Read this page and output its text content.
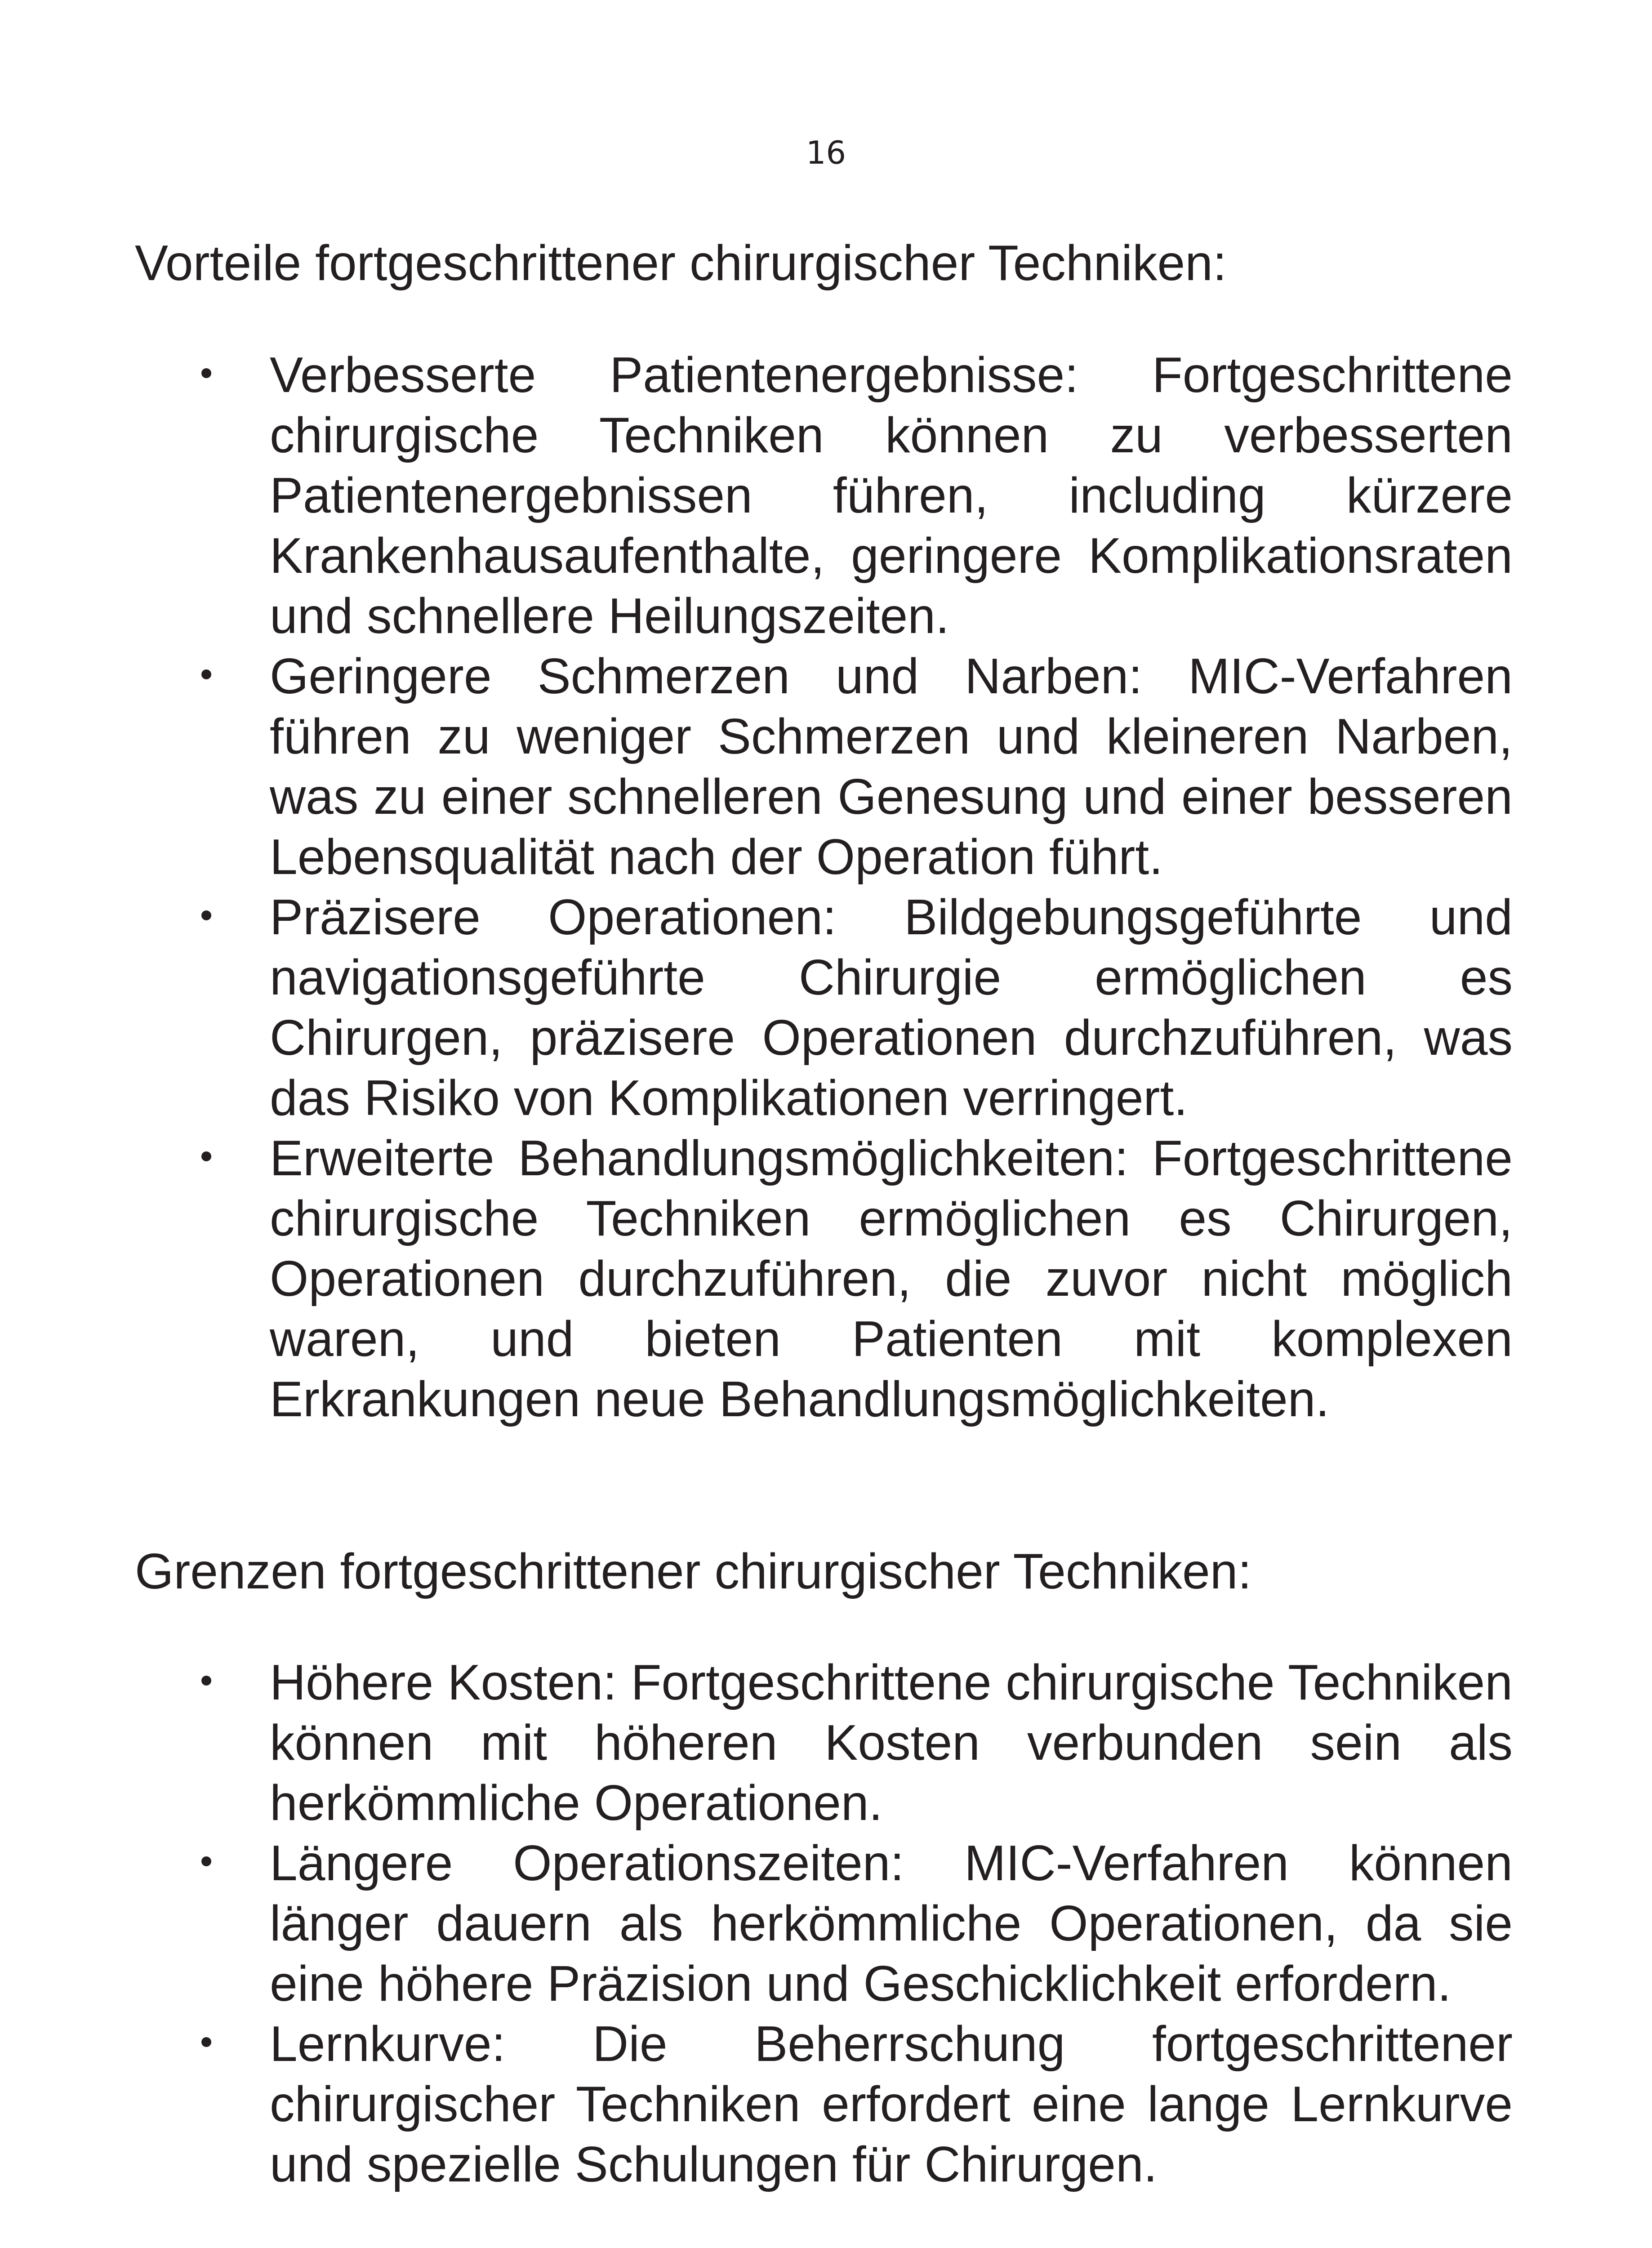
16
Vorteile fortgeschrittener chirurgischer Techniken:
Verbesserte Patientenergebnisse: Fortgeschrittene chirurgische Techniken können zu verbesserten Patientenergebnissen führen, including kürzere Krankenhausaufenthalte, geringere Komplikationsraten und schnellere Heilungszeiten.
Geringere Schmerzen und Narben: MIC-Verfahren führen zu weniger Schmerzen und kleineren Narben, was zu einer schnelleren Genesung und einer besseren Lebensqualität nach der Operation führt.
Präzisere Operationen: Bildgebungsgeführte und navigationsgeführte Chirurgie ermöglichen es Chirurgen, präzisere Operationen durchzuführen, was das Risiko von Komplikationen verringert.
Erweiterte Behandlungsmöglichkeiten: Fortgeschrittene chirurgische Techniken ermöglichen es Chirurgen, Operationen durchzuführen, die zuvor nicht möglich waren, und bieten Patienten mit komplexen Erkrankungen neue Behandlungsmöglichkeiten.
Grenzen fortgeschrittener chirurgischer Techniken:
Höhere Kosten: Fortgeschrittene chirurgische Techniken können mit höheren Kosten verbunden sein als herkömmliche Operationen.
Längere Operationszeiten: MIC-Verfahren können länger dauern als herkömmliche Operationen, da sie eine höhere Präzision und Geschicklichkeit erfordern.
Lernkurve: Die Beherrschung fortgeschrittener chirurgischer Techniken erfordert eine lange Lernkurve und spezielle Schulungen für Chirurgen.
